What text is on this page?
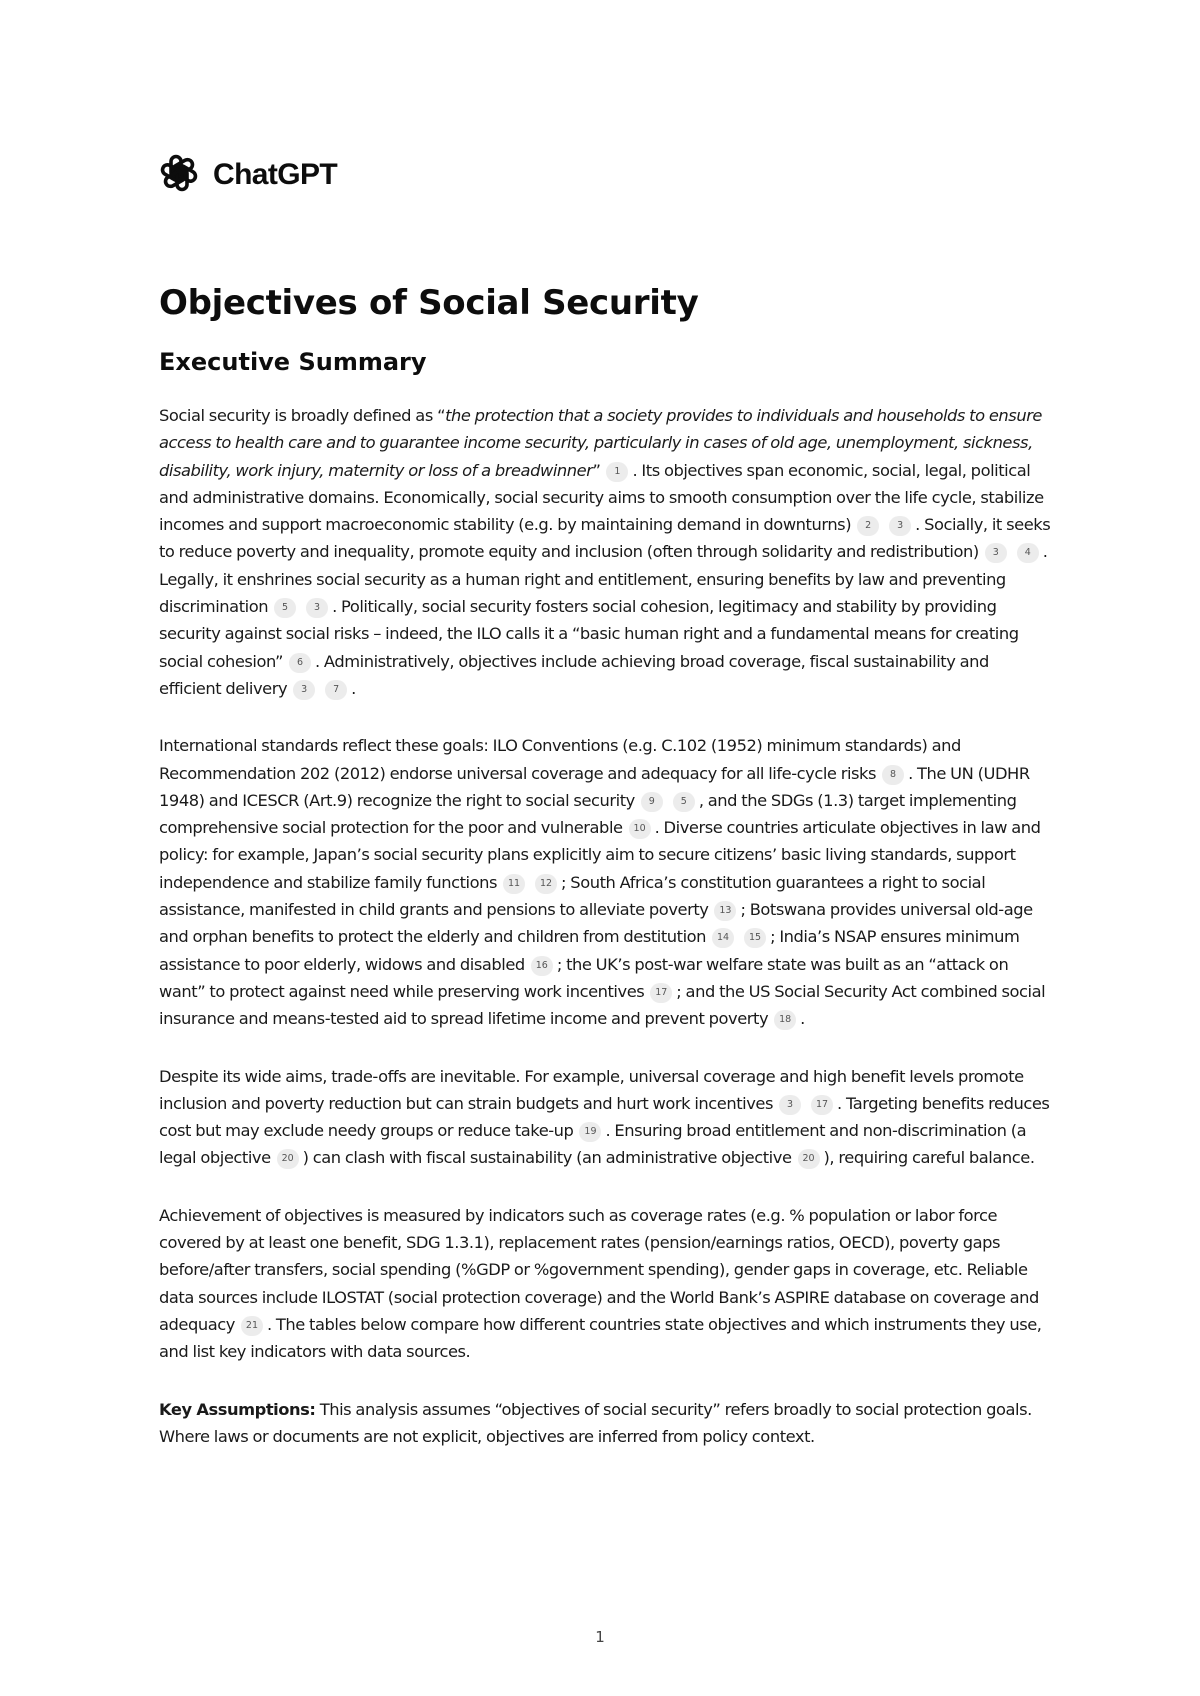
ChatGPT
Objectives of Social Security
Executive Summary

Social security is broadly defined as “the protection that a society provides to individuals and households to ensure access to health care and to guarantee income security, particularly in cases of old age, unemployment, sickness, disability, work injury, maternity or loss of a breadwinner” 1 . Its objectives span economic, social, legal, political and administrative domains. Economically, social security aims to smooth consumption over the life cycle, stabilize incomes and support macroeconomic stability (e.g. by maintaining demand in downturns) 2	3 . Socially, it seeks to reduce poverty and inequality, promote equity and inclusion (often through solidarity and redistribution) 3	4 . Legally, it enshrines social security as a human right and entitlement, ensuring benefits by law and preventing discrimination 5	3 . Politically, social security fosters social cohesion, legitimacy and stability by providing security against social risks – indeed, the ILO calls it a “basic human right and a fundamental means for creating social cohesion” 6 . Administratively, objectives include achieving broad coverage, fiscal sustainability and efficient delivery 3	7 .

International standards reflect these goals: ILO Conventions (e.g. C.102 (1952) minimum standards) and Recommendation 202 (2012) endorse universal coverage and adequacy for all life-cycle risks 8 . The UN (UDHR 1948) and ICESCR (Art.9) recognize the right to social security 9	5 , and the SDGs (1.3) target implementing comprehensive social protection for the poor and vulnerable 10 . Diverse countries articulate objectives in law and policy: for example, Japan’s social security plans explicitly aim to secure citizens’ basic living standards, support independence and stabilize family functions 11 12 ; South Africa’s constitution guarantees a right to social assistance, manifested in child grants and pensions to alleviate poverty 13 ; Botswana provides universal old-age and orphan benefits to protect the elderly and children from destitution 14 15 ; India’s NSAP ensures minimum assistance to poor elderly, widows and disabled 16 ; the UK’s post-war welfare state was built as an “attack on want” to protect against need while preserving work incentives 17 ; and the US Social Security Act combined social insurance and means-tested aid to spread lifetime income and prevent poverty 18 .

Despite its wide aims, trade-offs are inevitable. For example, universal coverage and high benefit levels promote inclusion and poverty reduction but can strain budgets and hurt work incentives 3 17 . Targeting benefits reduces cost but may exclude needy groups or reduce take-up 19 . Ensuring broad entitlement and non-discrimination (a legal objective 20 ) can clash with fiscal sustainability (an administrative objective 20 ), requiring careful balance.

Achievement of objectives is measured by indicators such as coverage rates (e.g. % population or labor force covered by at least one benefit, SDG 1.3.1), replacement rates (pension/earnings ratios, OECD), poverty gaps before/after transfers, social spending (%GDP or %government spending), gender gaps in coverage, etc. Reliable data sources include ILOSTAT (social protection coverage) and the World Bank’s ASPIRE database on coverage and adequacy 21 . The tables below compare how different countries state objectives and which instruments they use, and list key indicators with data sources.

Key Assumptions: This analysis assumes “objectives of social security” refers broadly to social protection goals. Where laws or documents are not explicit, objectives are inferred from policy context.

1
